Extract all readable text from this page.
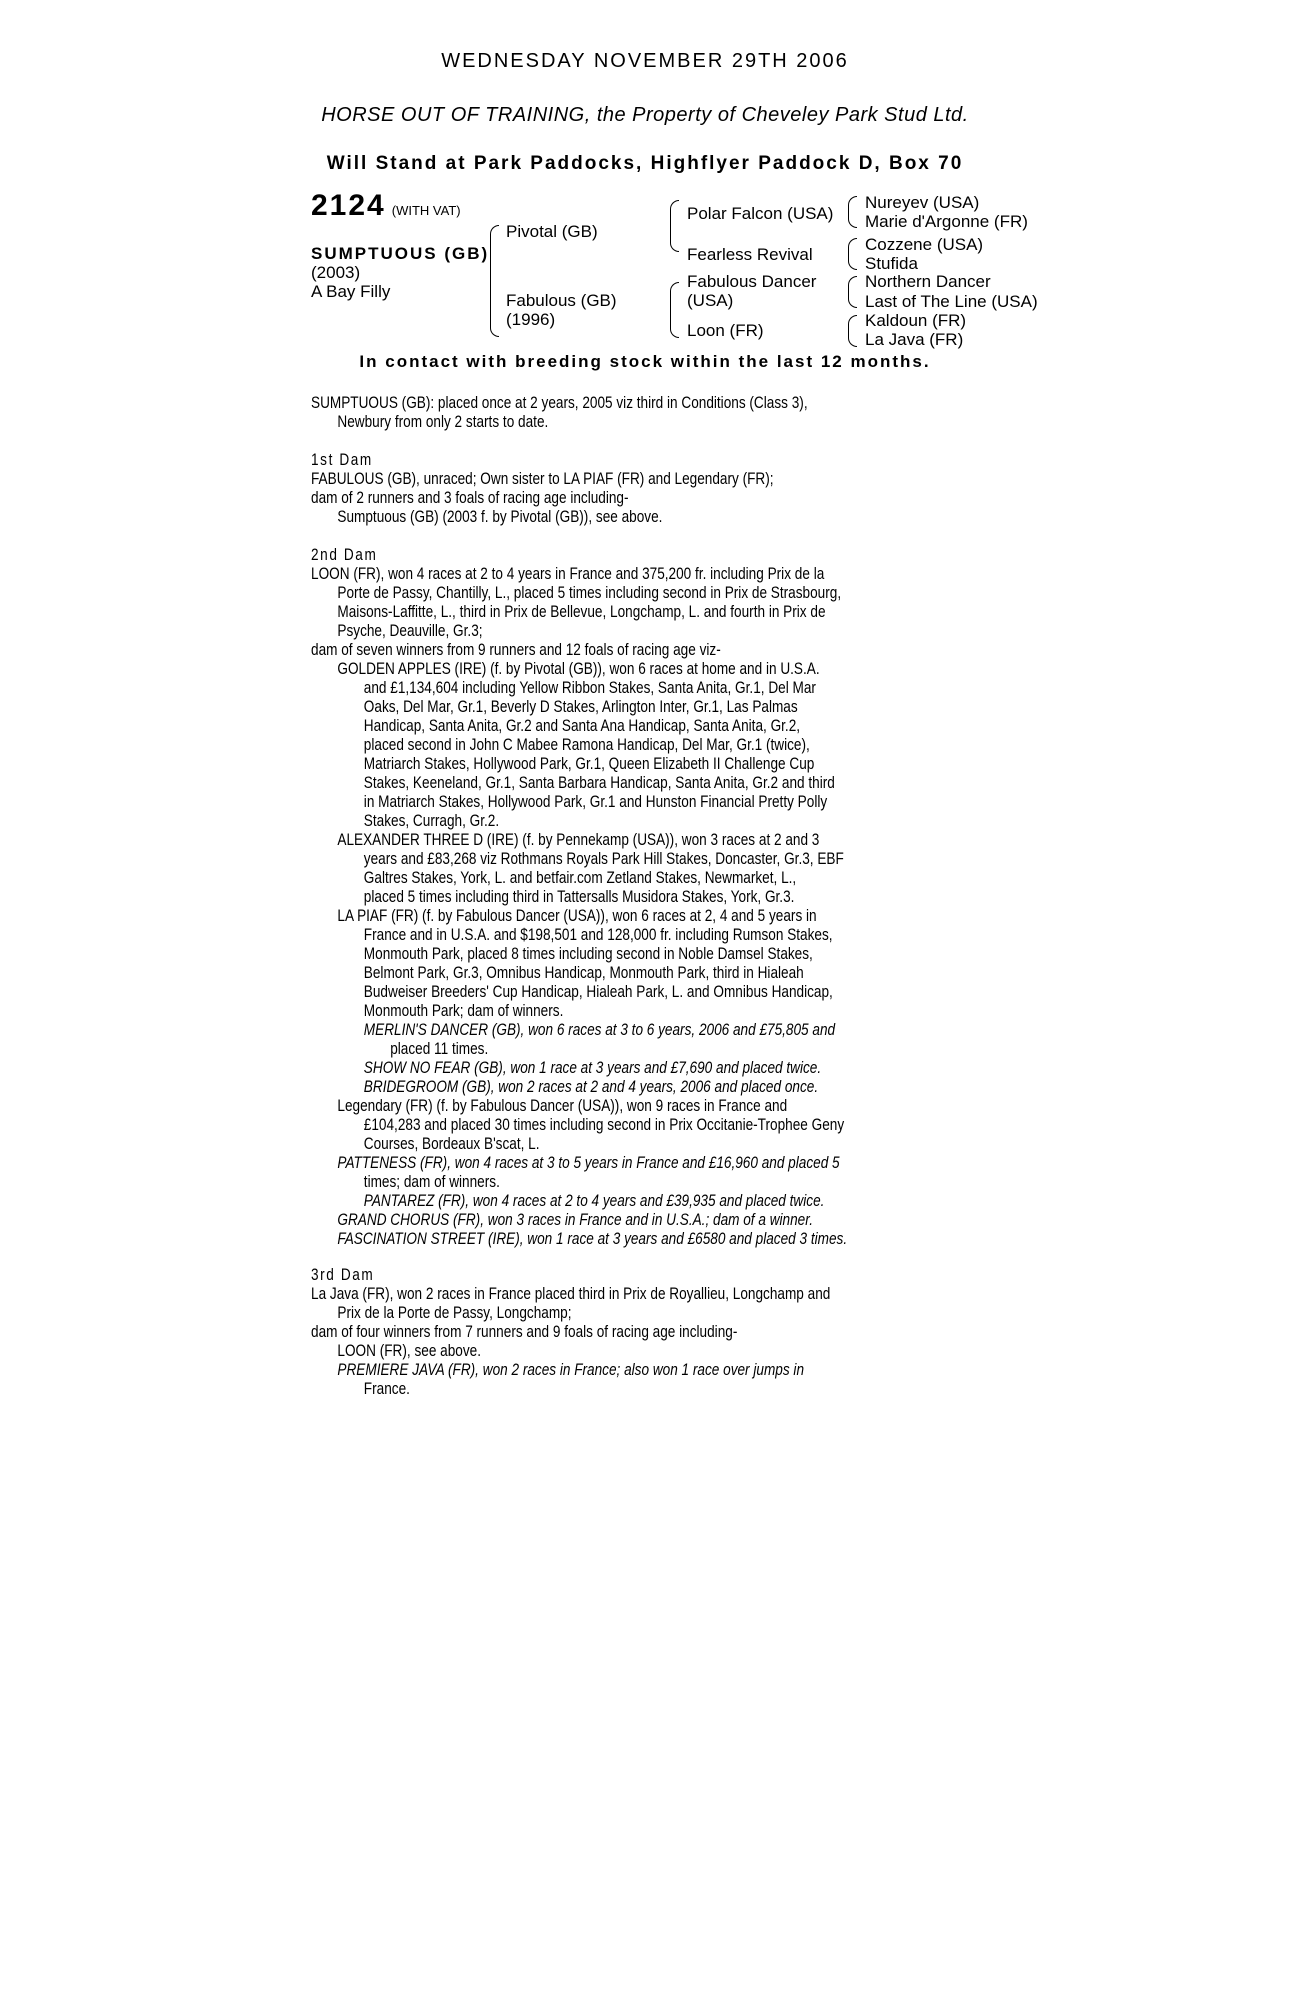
WEDNESDAY NOVEMBER 29TH 2006
HORSE OUT OF TRAINING, the Property of Cheveley Park Stud Ltd.
Will Stand at Park Paddocks, Highflyer Paddock D, Box 70
2124 (WITH VAT)
SUMPTUOUS (GB)
(2003)
A Bay Filly
Pivotal (GB)
Fabulous (GB)
(1996)
Polar Falcon (USA)
Fearless Revival
Fabulous Dancer
(USA)
Loon (FR)
Nureyev (USA)
Marie d'Argonne (FR)
Cozzene (USA)
Stufida
Northern Dancer
Last of The Line (USA)
Kaldoun (FR)
La Java (FR)
In contact with breeding stock within the last 12 months.
SUMPTUOUS (GB): placed once at 2 years, 2005 viz third in Conditions (Class 3),
Newbury from only 2 starts to date.
1st Dam
FABULOUS (GB), unraced; Own sister to LA PIAF (FR) and Legendary (FR);
dam of 2 runners and 3 foals of racing age including-
Sumptuous (GB) (2003 f. by Pivotal (GB)), see above.
2nd Dam
LOON (FR), won 4 races at 2 to 4 years in France and 375,200 fr. including Prix de la
Porte de Passy, Chantilly, L., placed 5 times including second in Prix de Strasbourg,
Maisons-Laffitte, L., third in Prix de Bellevue, Longchamp, L. and fourth in Prix de
Psyche, Deauville, Gr.3;
dam of seven winners from 9 runners and 12 foals of racing age viz-
GOLDEN APPLES (IRE) (f. by Pivotal (GB)), won 6 races at home and in U.S.A.
and £1,134,604 including Yellow Ribbon Stakes, Santa Anita, Gr.1, Del Mar
Oaks, Del Mar, Gr.1, Beverly D Stakes, Arlington Inter, Gr.1, Las Palmas
Handicap, Santa Anita, Gr.2 and Santa Ana Handicap, Santa Anita, Gr.2,
placed second in John C Mabee Ramona Handicap, Del Mar, Gr.1 (twice),
Matriarch Stakes, Hollywood Park, Gr.1, Queen Elizabeth II Challenge Cup
Stakes, Keeneland, Gr.1, Santa Barbara Handicap, Santa Anita, Gr.2 and third
in Matriarch Stakes, Hollywood Park, Gr.1 and Hunston Financial Pretty Polly
Stakes, Curragh, Gr.2.
ALEXANDER THREE D (IRE) (f. by Pennekamp (USA)), won 3 races at 2 and 3
years and £83,268 viz Rothmans Royals Park Hill Stakes, Doncaster, Gr.3, EBF
Galtres Stakes, York, L. and betfair.com Zetland Stakes, Newmarket, L.,
placed 5 times including third in Tattersalls Musidora Stakes, York, Gr.3.
LA PIAF (FR) (f. by Fabulous Dancer (USA)), won 6 races at 2, 4 and 5 years in
France and in U.S.A. and $198,501 and 128,000 fr. including Rumson Stakes,
Monmouth Park, placed 8 times including second in Noble Damsel Stakes,
Belmont Park, Gr.3, Omnibus Handicap, Monmouth Park, third in Hialeah
Budweiser Breeders' Cup Handicap, Hialeah Park, L. and Omnibus Handicap,
Monmouth Park; dam of winners.
MERLIN'S DANCER (GB), won 6 races at 3 to 6 years, 2006 and £75,805 and
placed 11 times.
SHOW NO FEAR (GB), won 1 race at 3 years and £7,690 and placed twice.
BRIDEGROOM (GB), won 2 races at 2 and 4 years, 2006 and placed once.
Legendary (FR) (f. by Fabulous Dancer (USA)), won 9 races in France and
£104,283 and placed 30 times including second in Prix Occitanie-Trophee Geny
Courses, Bordeaux B'scat, L.
PATTENESS (FR), won 4 races at 3 to 5 years in France and £16,960 and placed 5
times; dam of winners.
PANTAREZ (FR), won 4 races at 2 to 4 years and £39,935 and placed twice.
GRAND CHORUS (FR), won 3 races in France and in U.S.A.; dam of a winner.
FASCINATION STREET (IRE), won 1 race at 3 years and £6580 and placed 3 times.
3rd Dam
La Java (FR), won 2 races in France placed third in Prix de Royallieu, Longchamp and
Prix de la Porte de Passy, Longchamp;
dam of four winners from 7 runners and 9 foals of racing age including-
LOON (FR), see above.
PREMIERE JAVA (FR), won 2 races in France; also won 1 race over jumps in
France.
